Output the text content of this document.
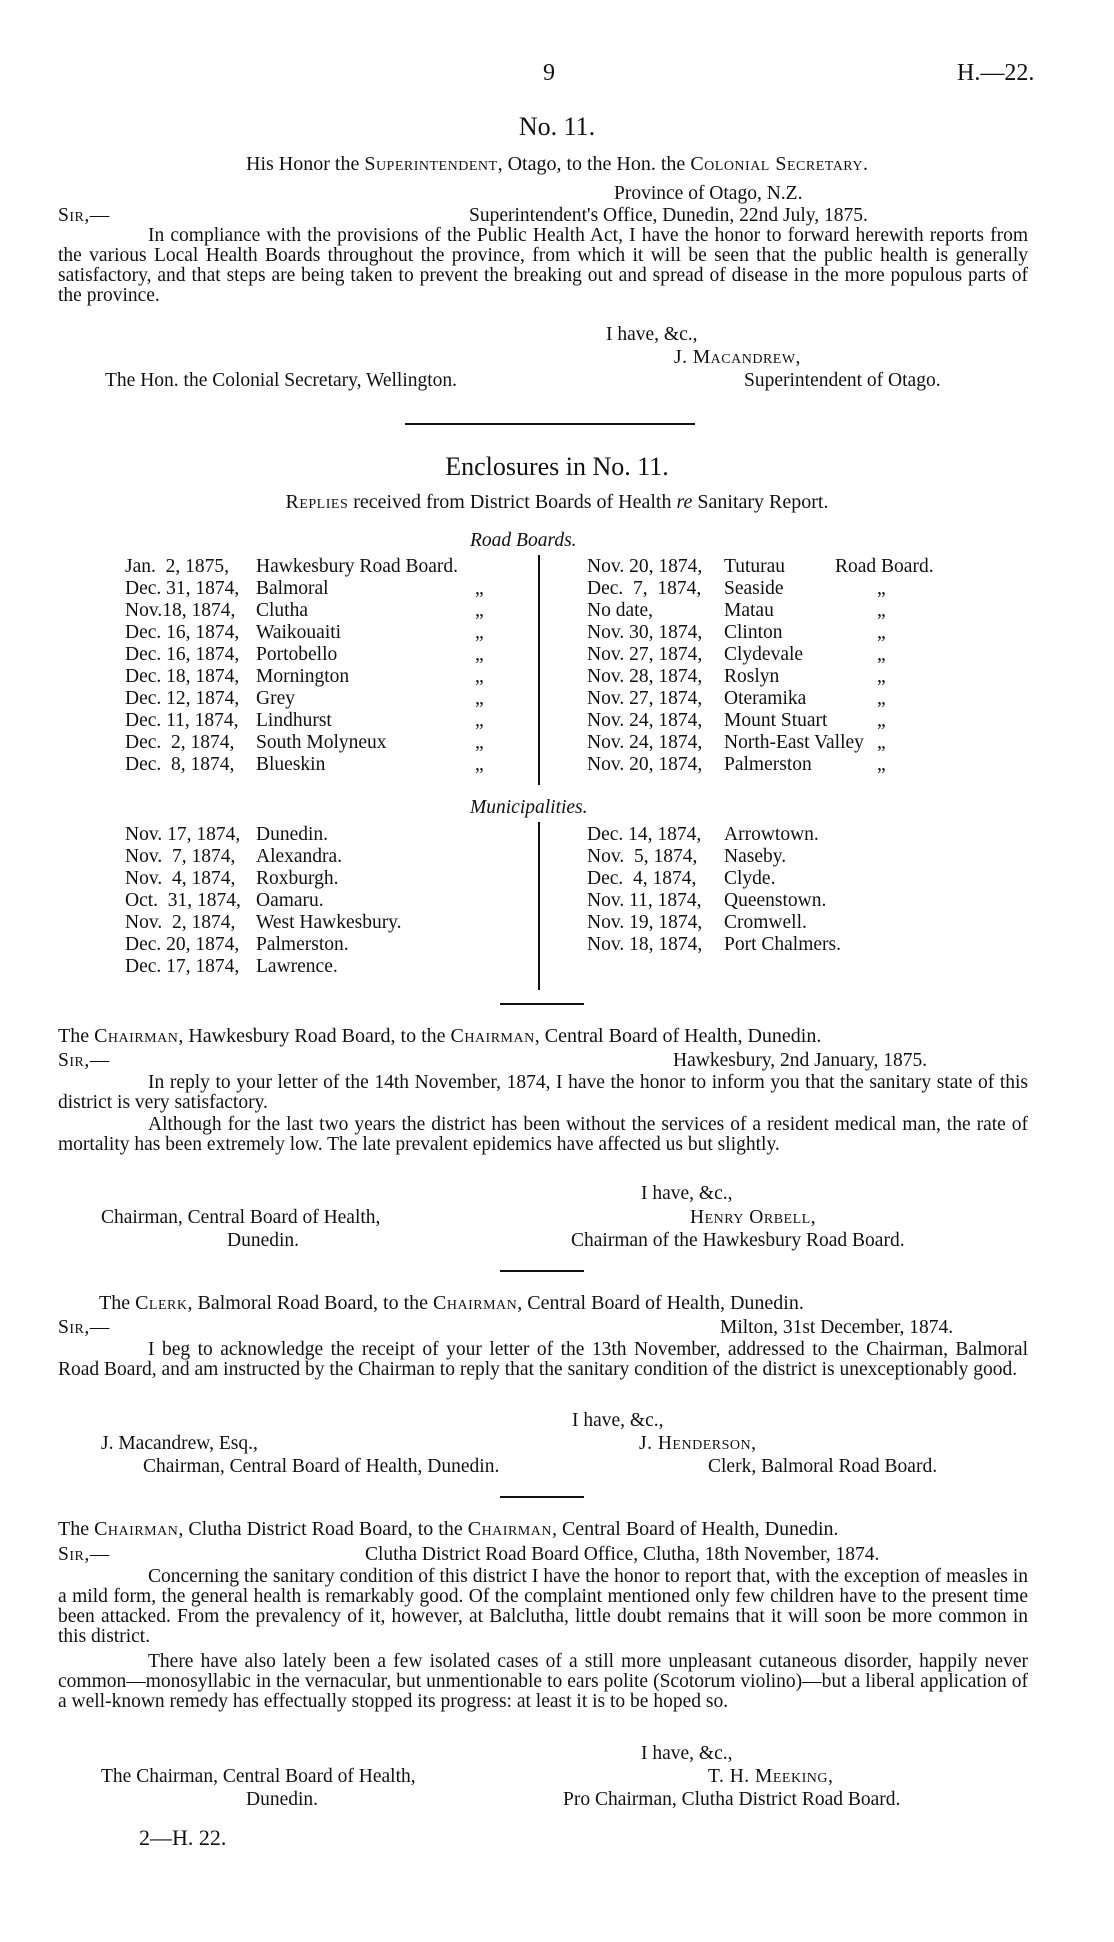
9	H.—22.
No. 11.
His Honor the Superintendent, Otago, to the Hon. the Colonial Secretary.
Province of Otago, N.Z.
Sir,—	Superintendent's Office, Dunedin, 22nd July, 1875.
In compliance with the provisions of the Public Health Act, I have the honor to forward herewith reports from the various Local Health Boards throughout the province, from which it will be seen that the public health is generally satisfactory, and that steps are being taken to prevent the breaking out and spread of disease in the more populous parts of the province.
I have, &c.,
J. Macandrew,
The Hon. the Colonial Secretary, Wellington.	Superintendent of Otago.
Enclosures in No. 11.
Replies received from District Boards of Health re Sanitary Report.
Road Boards.
Jan.  2, 1875, Hawkesbury Road Board.
Dec. 31, 1874, Balmoral	„
Nov.18, 1874, Clutha	„
Dec. 16, 1874, Waikouaiti	„
Dec. 16, 1874, Portobello	„
Dec. 18, 1874, Mornington	„
Dec. 12, 1874, Grey	„
Dec. 11, 1874, Lindhurst	„
Dec.  2, 1874, South Molyneux	„
Dec.  8, 1874, Blueskin	„
Nov. 20, 1874, Tuturau	Road Board.
Dec.  7,  1874, Seaside	„
No date,	Matau	„
Nov. 30, 1874, Clinton	„
Nov. 27, 1874, Clydevale	„
Nov. 28, 1874, Roslyn	„
Nov. 27, 1874, Oteramika	„
Nov. 24, 1874, Mount Stuart	„
Nov. 24, 1874, North-East Valley „
Nov. 20, 1874, Palmerston	„
Municipalities.
Nov. 17, 1874, Dunedin.
Nov.  7, 1874, Alexandra.
Nov.  4, 1874, Roxburgh.
Oct.  31, 1874, Oamaru.
Nov.  2, 1874, West Hawkesbury.
Dec. 20, 1874, Palmerston.
Dec. 17, 1874, Lawrence.
Dec. 14, 1874, Arrowtown.
Nov.  5, 1874, Naseby.
Dec.  4, 1874, Clyde.
Nov. 11, 1874, Queenstown.
Nov. 19, 1874, Cromwell.
Nov. 18, 1874, Port Chalmers.
The Chairman, Hawkesbury Road Board, to the Chairman, Central Board of Health, Dunedin.
Sir,—	Hawkesbury, 2nd January, 1875.
In reply to your letter of the 14th November, 1874, I have the honor to inform you that the sanitary state of this district is very satisfactory.
Although for the last two years the district has been without the services of a resident medical man, the rate of mortality has been extremely low. The late prevalent epidemics have affected us but slightly.
I have, &c.,
Chairman, Central Board of Health,	Henry Orbell,
Dunedin.	Chairman of the Hawkesbury Road Board.
The Clerk, Balmoral Road Board, to the Chairman, Central Board of Health, Dunedin.
Sir,—	Milton, 31st December, 1874.
I beg to acknowledge the receipt of your letter of the 13th November, addressed to the Chairman, Balmoral Road Board, and am instructed by the Chairman to reply that the sanitary condition of the district is unexceptionably good.
I have, &c.,
J. Macandrew, Esq.,	J. Henderson,
Chairman, Central Board of Health, Dunedin.	Clerk, Balmoral Road Board.
The Chairman, Clutha District Road Board, to the Chairman, Central Board of Health, Dunedin.
Sir,—	Clutha District Road Board Office, Clutha, 18th November, 1874.
Concerning the sanitary condition of this district I have the honor to report that, with the exception of measles in a mild form, the general health is remarkably good. Of the complaint mentioned only few children have to the present time been attacked. From the prevalency of it, however, at Balclutha, little doubt remains that it will soon be more common in this district.
There have also lately been a few isolated cases of a still more unpleasant cutaneous disorder, happily never common—monosyllabic in the vernacular, but unmentionable to ears polite (Scotorum violino)—but a liberal application of a well-known remedy has effectually stopped its progress: at least it is to be hoped so.
I have, &c.,
The Chairman, Central Board of Health,	T. H. Meeking,
Dunedin.	Pro Chairman, Clutha District Road Board.
2—H. 22.
